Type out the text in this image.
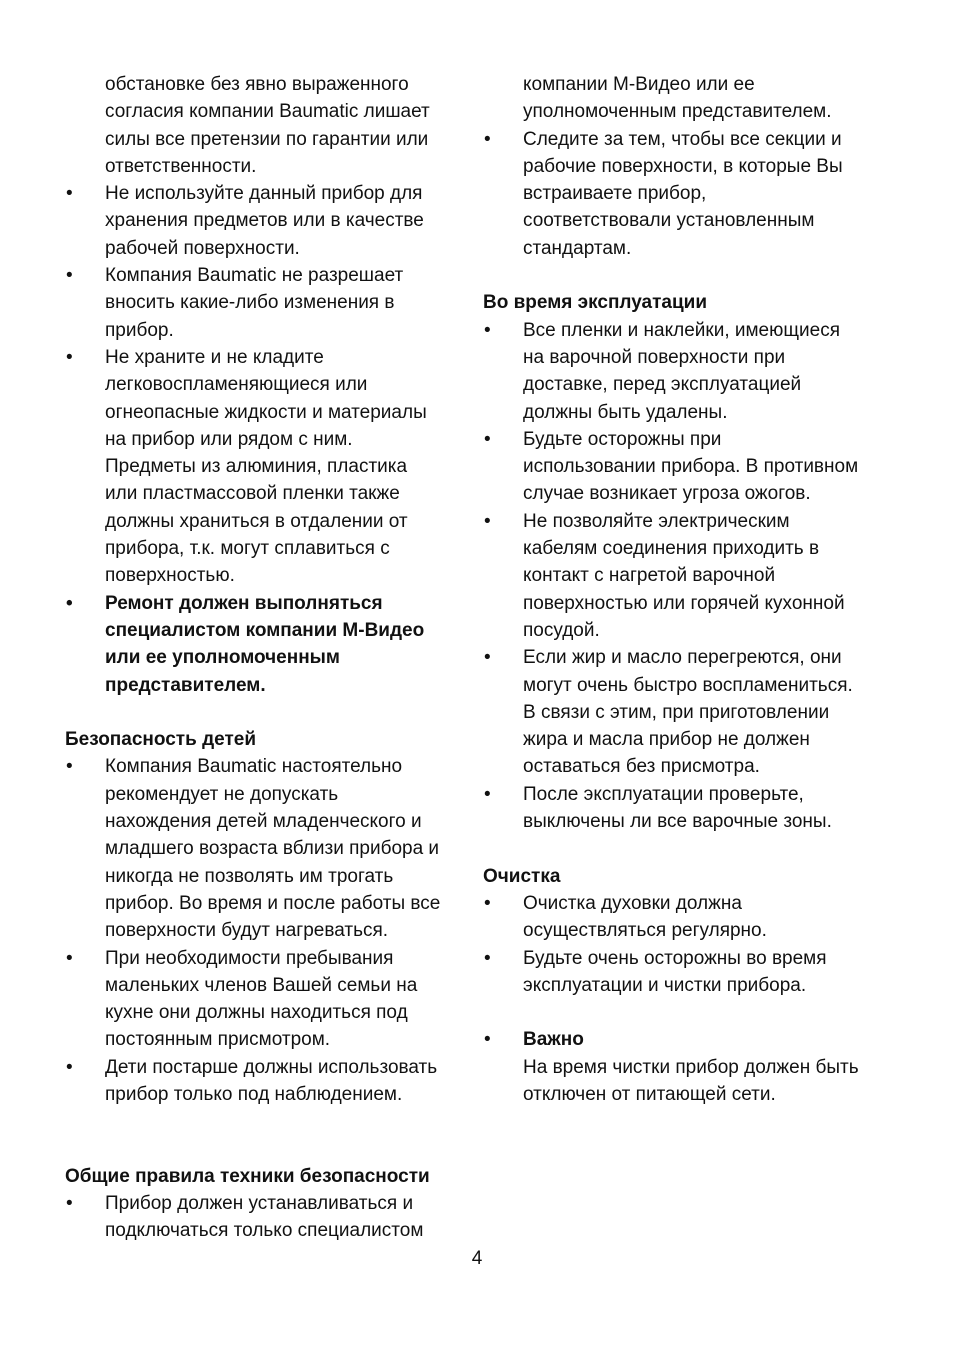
обстановке без явно выраженного
согласия компании Baumatic лишает
силы все претензии по гарантии или
ответственности.
•	Не используйте данный прибор для
хранения предметов или в качестве
рабочей поверхности.
•	Компания Baumatic не разрешает
вносить какие-либо изменения в
прибор.
•	Не храните и не кладите
легковоспламеняющиеся или
огнеопасные жидкости и материалы
на прибор или рядом с ним.
Предметы из алюминия, пластика
или пластмассовой пленки также
должны храниться в отдалении от
прибора, т.к. могут сплавиться с
поверхностью.
•	Ремонт должен выполняться
специалистом компании М-Видео
или ее уполномоченным
представителем.
Безопасность детей
•	Компания Baumatic настоятельно
рекомендует не допускать
нахождения детей младенческого и
младшего возраста вблизи прибора и
никогда не позволять им трогать
прибор. Во время и после работы все
поверхности будут нагреваться.
•	При необходимости пребывания
маленьких членов Вашей семьи на
кухне они должны находиться под
постоянным присмотром.
•	Дети постарше должны использовать
прибор только под наблюдением.
Общие правила техники безопасности
•	Прибор должен устанавливаться и
подключаться только специалистом
компании М-Видео или ее
уполномоченным представителем.
•	Следите за тем, чтобы все секции и
рабочие поверхности, в которые Вы
встраиваете прибор,
соответствовали установленным
стандартам.
Во время эксплуатации
•	Все пленки и наклейки, имеющиеся
на варочной поверхности при
доставке, перед эксплуатацией
должны быть удалены.
•	Будьте осторожны при
использовании прибора. В противном
случае возникает угроза ожогов.
•	Не позволяйте электрическим
кабелям соединения приходить в
контакт с нагретой варочной
поверхностью или горячей кухонной
посудой.
•	Если жир и масло перегреются, они
могут очень быстро воспламениться.
В связи с этим, при приготовлении
жира и масла прибор не должен
оставаться без присмотра.
•	После эксплуатации проверьте,
выключены ли все варочные зоны.
Очистка
•	Очистка духовки должна
осуществляться регулярно.
•	Будьте очень осторожны во время
эксплуатации и чистки прибора.
•	Важно
На время чистки прибор должен быть
отключен от питающей сети.
4
